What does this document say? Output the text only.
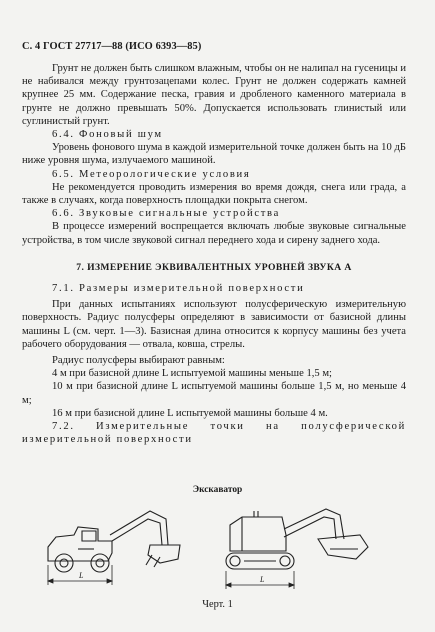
С. 4 ГОСТ 27717—88 (ИСО 6393—85)

Грунт не должен быть слишком влажным, чтобы он не налипал на гусеницы и не набивался между грунтозацепами колес. Грунт не должен содержать камней крупнее 25 мм. Содержание песка, гравия и дробленого каменного материала в грунте не должно превышать 50%. Допускается использовать глинистый или суглинистый грунт.

6.4. Фоновый шум

Уровень фонового шума в каждой измерительной точке должен быть на 10 дБ ниже уровня шума, излучаемого машиной.

6.5. Метеорологические условия

Не рекомендуется проводить измерения во время дождя, снега или града, а также в случаях, когда поверхность площадки покрыта снегом.

6.6. Звуковые сигнальные устройства

В процессе измерений воспрещается включать любые звуковые сигнальные устройства, в том числе звуковой сигнал переднего хода и сирену заднего хода.

7. ИЗМЕРЕНИЕ ЭКВИВАЛЕНТНЫХ УРОВНЕЙ ЗВУКА А

7.1. Размеры измерительной поверхности

При данных испытаниях используют полусферическую измерительную поверхность. Радиус полусферы определяют в зависимости от базисной длины машины L (см. черт. 1—3). Базисная длина относится к корпусу машины без учета рабочего оборудования — отвала, ковша, стрелы.

Радиус полусферы выбирают равным:

4 м при базисной длине L испытуемой машины меньше 1,5 м;

10 м при базисной длине L испытуемой машины больше 1,5 м, но меньше 4 м;

16 м при базисной длине L испытуемой машины больше 4 м.

7.2. Измерительные точки на полусферической измерительной поверхности

Экскаватор
L	L
Черт. 1
